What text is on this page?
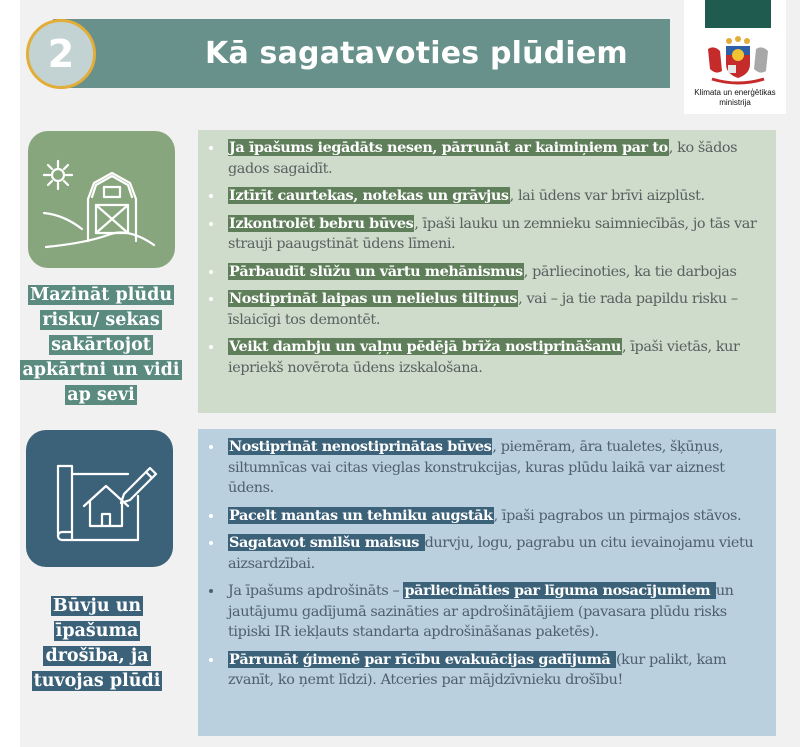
2	Kā sagatavoties plūdiem
Klimata un enerģētikas
ministrija
Mazināt plūdu
risku/ sekas
sakārtojot
apkārtni un vidi
ap sevi
Ja īpašums iegādāts nesen, pārrunāt ar kaimiņiem par to, ko šādos gados sagaidīt.
Iztīrīt caurtekas, notekas un grāvjus, lai ūdens var brīvi aizplūst.
Izkontrolēt bebru būves, īpaši lauku un zemnieku saimniecībās, jo tās var strauji paaugstināt ūdens līmeni.
Pārbaudīt slūžu un vārtu mehānismus, pārliecinoties, ka tie darbojas
Nostiprināt laipas un nelielus tiltiņus, vai – ja tie rada papildu risku – īslaicīgi tos demontēt.
Veikt dambju un vaļņu pēdējā brīža nostiprināšanu, īpaši vietās, kur iepriekš novērota ūdens izskalošana.
Būvju un
īpašuma
drošība, ja
tuvojas plūdi
Nostiprināt nenostiprinātas būves, piemēram, āra tualetes, šķūņus, siltumnīcas vai citas vieglas konstrukcijas, kuras plūdu laikā var aiznest ūdens.
Pacelt mantas un tehniku augstāk, īpaši pagrabos un pirmajos stāvos.
Sagatavot smilšu maisus durvju, logu, pagrabu un citu ievainojamu vietu aizsardzībai.
Ja īpašums apdrošināts – pārliecināties par līguma nosacījumiem un jautājumu gadījumā sazināties ar apdrošinātājiem (pavasara plūdu risks tipiski IR iekļauts standarta apdrošināšanas paketēs).
Pārrunāt ģimenē par rīcību evakuācijas gadījumā (kur palikt, kam zvanīt, ko ņemt līdzi). Atceries par mājdzīvnieku drošību!
